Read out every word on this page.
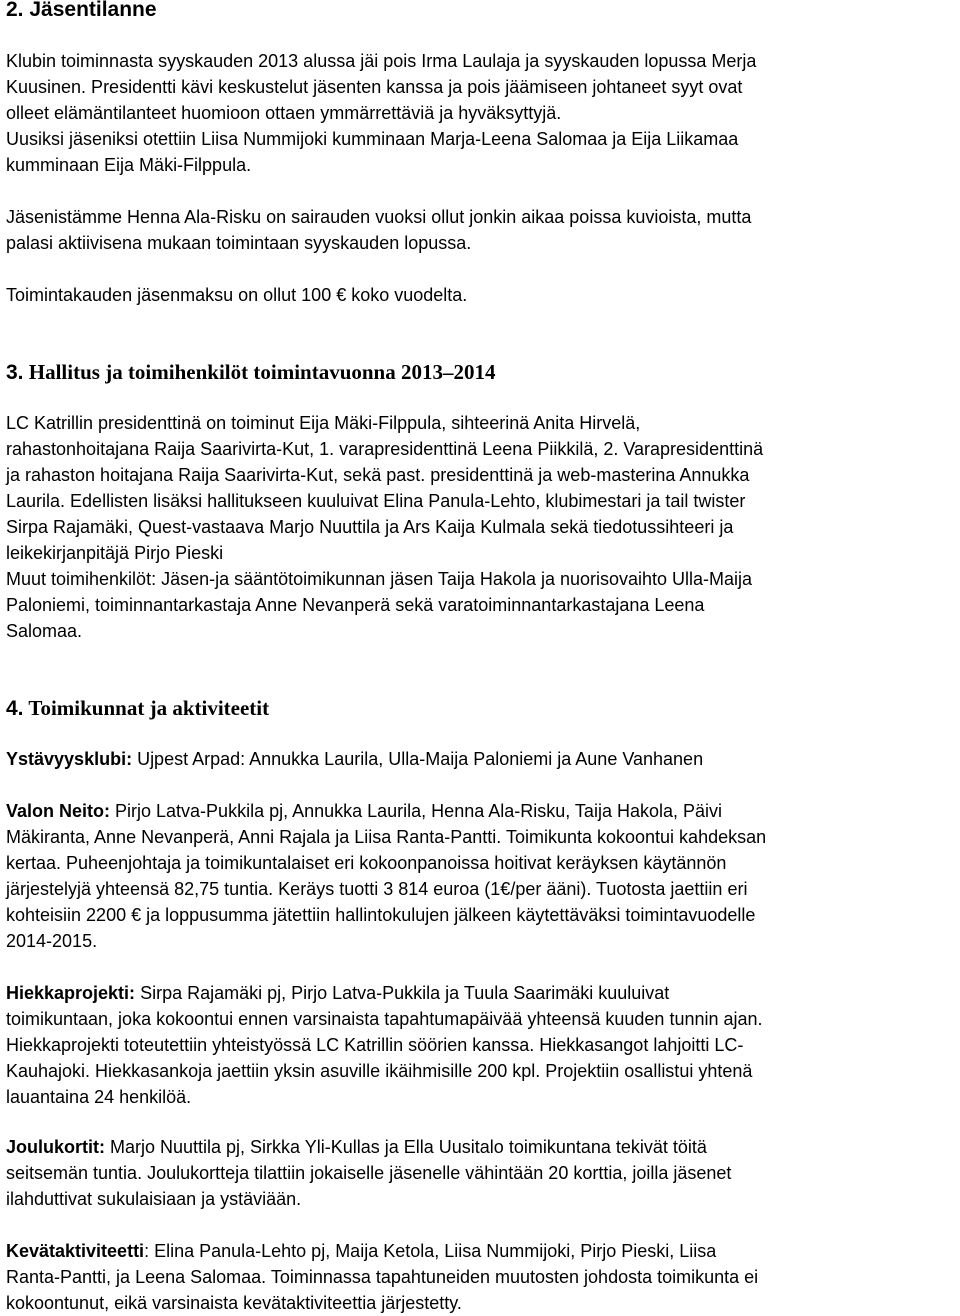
2. Jäsentilanne

Klubin toiminnasta syyskauden 2013 alussa jäi pois Irma Laulaja ja syyskauden lopussa Merja
Kuusinen. Presidentti kävi keskustelut jäsenten kanssa ja pois jäämiseen johtaneet syyt ovat
olleet elämäntilanteet huomioon ottaen ymmärrettäviä ja hyväksyttyjä.
Uusiksi jäseniksi otettiin Liisa Nummijoki kumminaan Marja-Leena Salomaa ja Eija Liikamaa
kumminaan Eija Mäki-Filppula.

Jäsenistämme Henna Ala-Risku on sairauden vuoksi ollut jonkin aikaa poissa kuvioista, mutta
palasi aktiivisena mukaan toimintaan syyskauden lopussa.

Toimintakauden jäsenmaksu on ollut 100 € koko vuodelta.

3. Hallitus ja toimihenkilöt toimintavuonna 2013–2014

LC Katrillin presidenttinä on toiminut Eija Mäki-Filppula, sihteerinä Anita Hirvelä,
rahastonhoitajana Raija Saarivirta-Kut, 1. varapresidenttinä Leena Piikkilä, 2. Varapresidenttinä
ja rahaston hoitajana Raija Saarivirta-Kut, sekä past. presidenttinä ja web-masterina Annukka
Laurila. Edellisten lisäksi hallitukseen kuuluivat Elina Panula-Lehto, klubimestari ja tail twister
Sirpa Rajamäki, Quest-vastaava Marjo Nuuttila ja Ars Kaija Kulmala sekä tiedotussihteeri ja
leikekirjanpitäjä Pirjo Pieski
Muut toimihenkilöt: Jäsen-ja sääntötoimikunnan jäsen Taija Hakola ja nuorisovaihto Ulla-Maija
Paloniemi, toiminnantarkastaja Anne Nevanperä sekä varatoiminnantarkastajana Leena
Salomaa.

4. Toimikunnat ja aktiviteetit

Ystävyysklubi: Ujpest Arpad: Annukka Laurila, Ulla-Maija Paloniemi ja Aune Vanhanen

Valon Neito: Pirjo Latva-Pukkila pj, Annukka Laurila, Henna Ala-Risku, Taija Hakola, Päivi
Mäkiranta, Anne Nevanperä, Anni Rajala ja Liisa Ranta-Pantti. Toimikunta kokoontui kahdeksan
kertaa. Puheenjohtaja ja toimikuntalaiset eri kokoonpanoissa hoitivat keräyksen käytännön
järjestelyjä yhteensä 82,75 tuntia. Keräys tuotti 3 814 euroa (1€/per ääni). Tuotosta jaettiin eri
kohteisiin 2200 € ja loppusumma jätettiin hallintokulujen jälkeen käytettäväksi toimintavuodelle
2014-2015.

Hiekkaprojekti: Sirpa Rajamäki pj, Pirjo Latva-Pukkila ja Tuula Saarimäki kuuluivat
toimikuntaan, joka kokoontui ennen varsinaista tapahtumapäivää yhteensä kuuden tunnin ajan.
Hiekkaprojekti toteutettiin yhteistyössä LC Katrillin söörien kanssa. Hiekkasangot lahjoitti LC-
Kauhajoki. Hiekkasankoja jaettiin yksin asuville ikäihmisille 200 kpl. Projektiin osallistui yhtenä
lauantaina 24 henkilöä.

Joulukortit: Marjo Nuuttila pj, Sirkka Yli-Kullas ja Ella Uusitalo toimikuntana tekivät töitä
seitsemän tuntia. Joulukortteja tilattiin jokaiselle jäsenelle vähintään 20 korttia, joilla jäsenet
ilahduttivat sukulaisiaan ja ystäviään.

Kevätaktiviteetti: Elina Panula-Lehto pj, Maija Ketola, Liisa Nummijoki, Pirjo Pieski, Liisa
Ranta-Pantti, ja Leena Salomaa. Toiminnassa tapahtuneiden muutosten johdosta toimikunta ei
kokoontunut, eikä varsinaista kevätaktiviteettia järjestetty.
